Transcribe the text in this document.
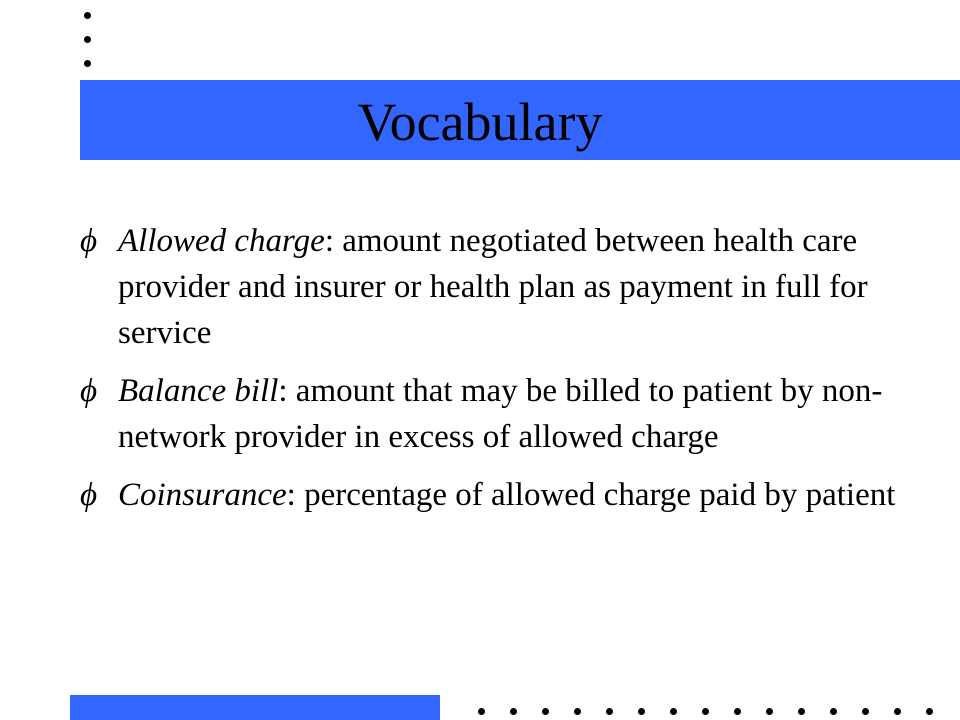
Vocabulary
ϕ Allowed charge: amount negotiated between health care provider and insurer or health plan as payment in full for service
ϕ Balance bill: amount that may be billed to patient by non-network provider in excess of allowed charge
ϕ Coinsurance: percentage of allowed charge paid by patient
